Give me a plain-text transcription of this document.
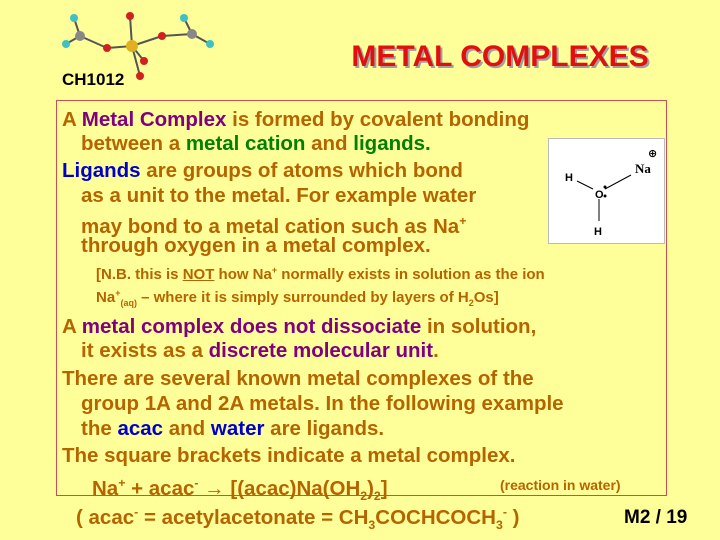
CH1012
METAL COMPLEXES
H
O
H
Na
⊕
A Metal Complex is formed by covalent bonding
between a metal cation and ligands.
Ligands are groups of atoms which bond
as a unit to the metal. For example water
may bond to a metal cation such as Na+
through oxygen in a metal complex.
[N.B. this is NOT how Na+ normally exists in solution as the ion
$Na^+_{(aq)}$ – where it is simply surrounded by layers of $H_2Os$]
A metal complex does not dissociate in solution,
it exists as a discrete molecular unit.
There are several known metal complexes of the
group 1A and 2A metals. In the following example
the acac and water are ligands.
The square brackets indicate a metal complex.
Na+ + acac- → $[(acac)Na(OH_2)_2]$	(reaction in water)
( acac- = acetylacetonate = $CH_3COCHCOCH_3^-$ )	M2 / 19
